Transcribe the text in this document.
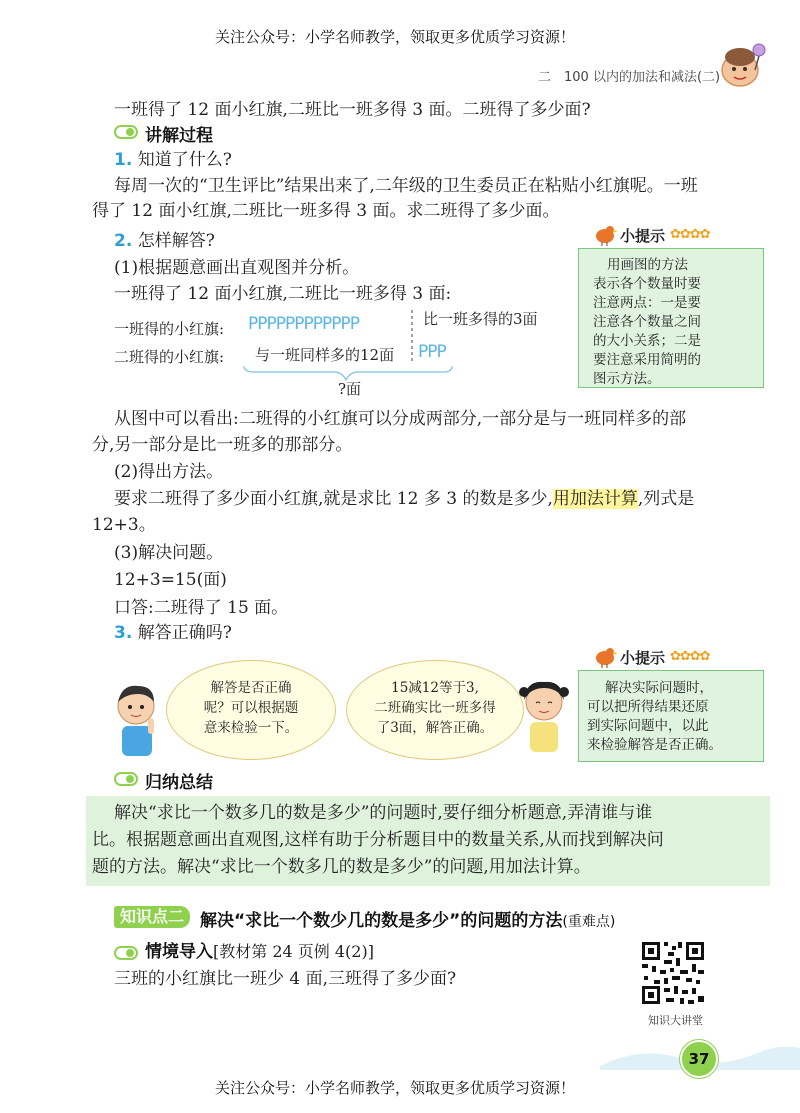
关注公众号：小学名师教学，领取更多优质学习资源！
二　100 以内的加法和减法(二)
一班得了 12 面小红旗,二班比一班多得 3 面。二班得了多少面?
讲解过程
1. 知道了什么?
每周一次的“卫生评比”结果出来了,二年级的卫生委员正在粘贴小红旗呢。一班
得了 12 面小红旗,二班比一班多得 3 面。求二班得了多少面。
2. 怎样解答?
(1)根据题意画出直观图并分析。
一班得了 12 面小红旗,二班比一班多得 3 面:
一班得的小红旗:
二班得的小红旗:
PPPPPPPPPPPP
PPP
比一班多得的3面
与一班同样多的12面
?面
小提示 ✿✿✿✿
用画图的方法
表示各个数量时要
注意两点：一是要
注意各个数量之间
的大小关系；二是
要注意采用简明的
图示方法。
从图中可以看出:二班得的小红旗可以分成两部分,一部分是与一班同样多的部
分,另一部分是比一班多的那部分。
(2)得出方法。
要求二班得了多少面小红旗,就是求比 12 多 3 的数是多少,用加法计算,列式是
12+3。
(3)解决问题。
12+3=15(面)
口答:二班得了 15 面。
3. 解答正确吗?
解答是否正确
呢？可以根据题
意来检验一下。
15减12等于3,
二班确实比一班多得
了3面，解答正确。
小提示 ✿✿✿✿
解决实际问题时，
可以把所得结果还原
到实际问题中，以此
来检验解答是否正确。
归纳总结
解决“求比一个数多几的数是多少”的问题时,要仔细分析题意,弄清谁与谁
比。根据题意画出直观图,这样有助于分析题目中的数量关系,从而找到解决问
题的方法。解决“求比一个数多几的数是多少”的问题,用加法计算。
知识点二 解决“求比一个数少几的数是多少”的问题的方法(重难点)
情境导入[教材第 24 页例 4(2)]
三班的小红旗比一班少 4 面,三班得了多少面?
知识大讲堂
37
关注公众号：小学名师教学，领取更多优质学习资源！
